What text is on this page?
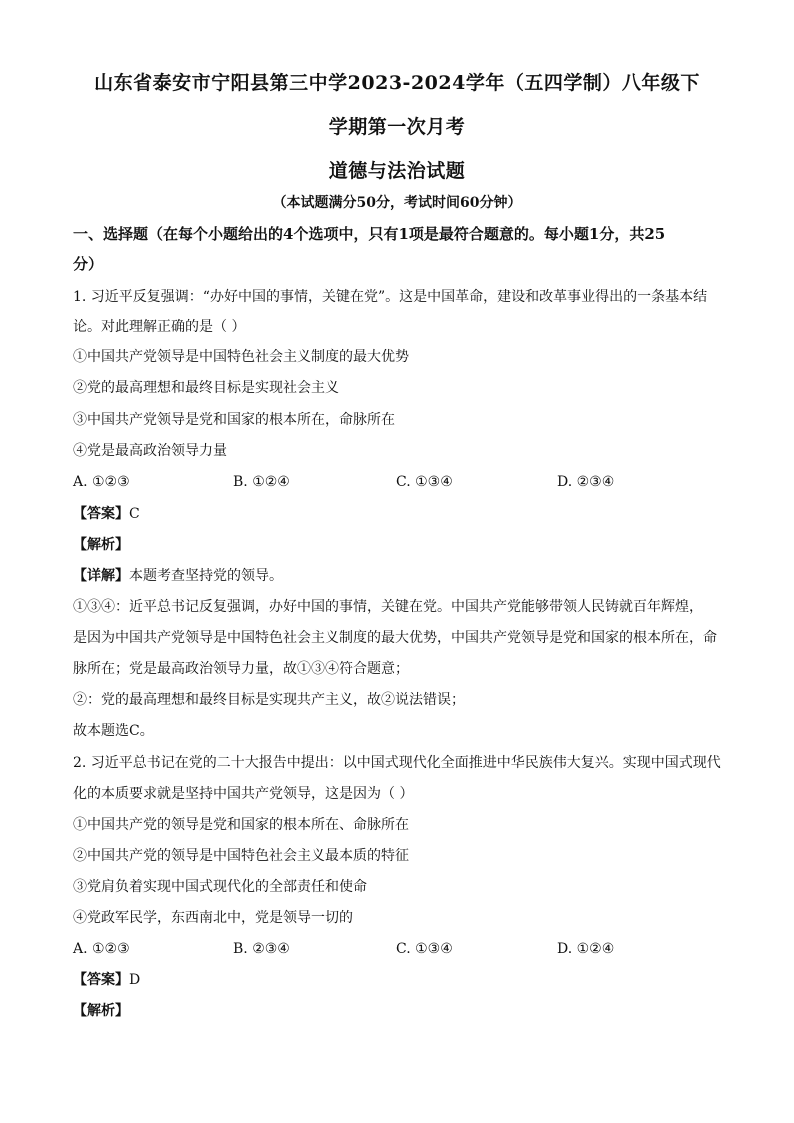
山东省泰安市宁阳县第三中学2023-2024学年（五四学制）八年级下
学期第一次月考
道德与法治试题
（本试题满分50分，考试时间60分钟）
一、选择题（在每个小题给出的4个选项中，只有1项是最符合题意的。每小题1分，共25
分）
1. 习近平反复强调：“办好中国的事情，关键在党”。这是中国革命，建设和改革事业得出的一条基本结
论。对此理解正确的是（ ）
①中国共产党领导是中国特色社会主义制度的最大优势
②党的最高理想和最终目标是实现社会主义
③中国共产党领导是党和国家的根本所在，命脉所在
④党是最高政治领导力量
A. ①②③	B. ①②④	C. ①③④	D. ②③④
【答案】C
【解析】
【详解】本题考查坚持党的领导。
①③④：近平总书记反复强调，办好中国的事情，关键在党。中国共产党能够带领人民铸就百年辉煌，
是因为中国共产党领导是中国特色社会主义制度的最大优势，中国共产党领导是党和国家的根本所在，命
脉所在；党是最高政治领导力量，故①③④符合题意；
②：党的最高理想和最终目标是实现共产主义，故②说法错误；
故本题选C。
2. 习近平总书记在党的二十大报告中提出：以中国式现代化全面推进中华民族伟大复兴。实现中国式现代
化的本质要求就是坚持中国共产党领导，这是因为（ ）
①中国共产党的领导是党和国家的根本所在、命脉所在
②中国共产党的领导是中国特色社会主义最本质的特征
③党肩负着实现中国式现代化的全部责任和使命
④党政军民学，东西南北中，党是领导一切的
A. ①②③	B. ②③④	C. ①③④	D. ①②④
【答案】D
【解析】
